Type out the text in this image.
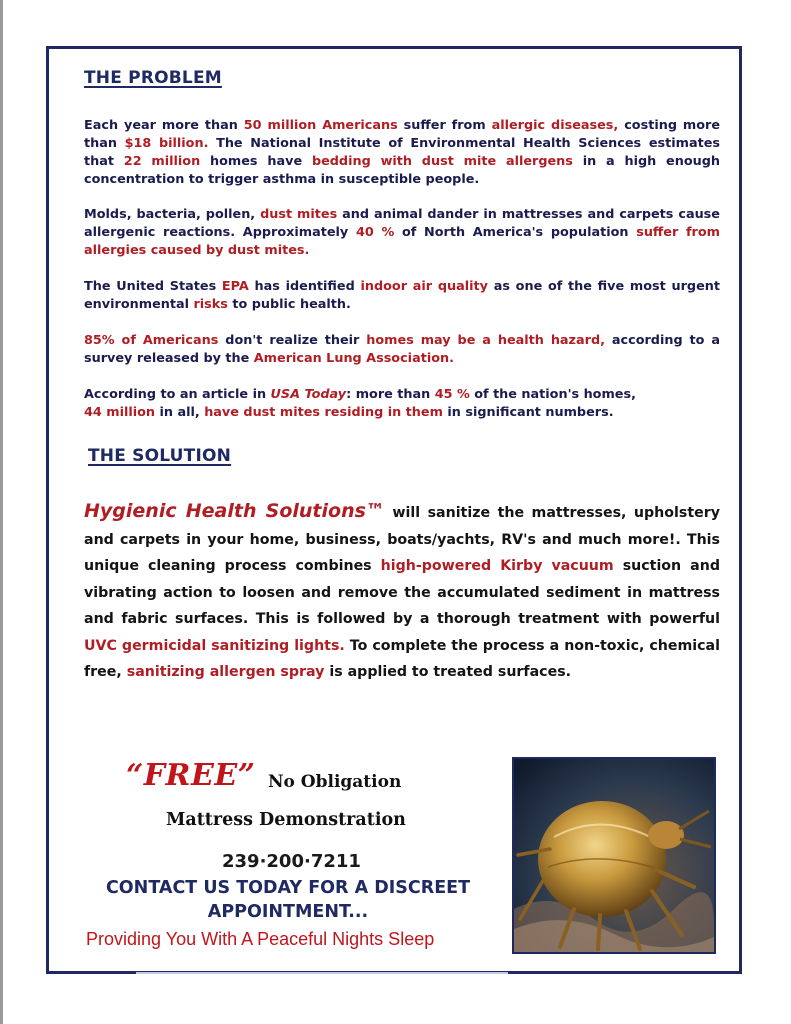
THE PROBLEM

Each year more than 50 million Americans suffer from allergic diseases, costing more than $18 billion. The National Institute of Environmental Health Sciences estimates that 22 million homes have bedding with dust mite allergens in a high enough concentration to trigger asthma in susceptible people.

Molds, bacteria, pollen, dust mites and animal dander in mattresses and carpets cause allergenic reactions. Approximately 40 % of North America's population suffer from allergies caused by dust mites.

The United States EPA has identified indoor air quality as one of the five most urgent environmental risks to public health.

85% of Americans don't realize their homes may be a health hazard, according to a survey released by the American Lung Association.

According to an article in USA Today: more than 45 % of the nation's homes,
44 million in all, have dust mites residing in them in significant numbers.

THE SOLUTION

Hygienic Health Solutions™ will sanitize the mattresses, upholstery and carpets in your home, business, boats/yachts, RV's and much more!. This unique cleaning process combines high-powered Kirby vacuum suction and vibrating action to loosen and remove the accumulated sediment in mattress and fabric surfaces. This is followed by a thorough treatment with powerful UVC germicidal sanitizing lights. To complete the process a non-toxic, chemical free, sanitizing allergen spray is applied to treated surfaces.

“FREE” No Obligation
Mattress Demonstration
239·200·7211
CONTACT US TODAY FOR A DISCREET APPOINTMENT...
Providing You With A Peaceful Nights Sleep
